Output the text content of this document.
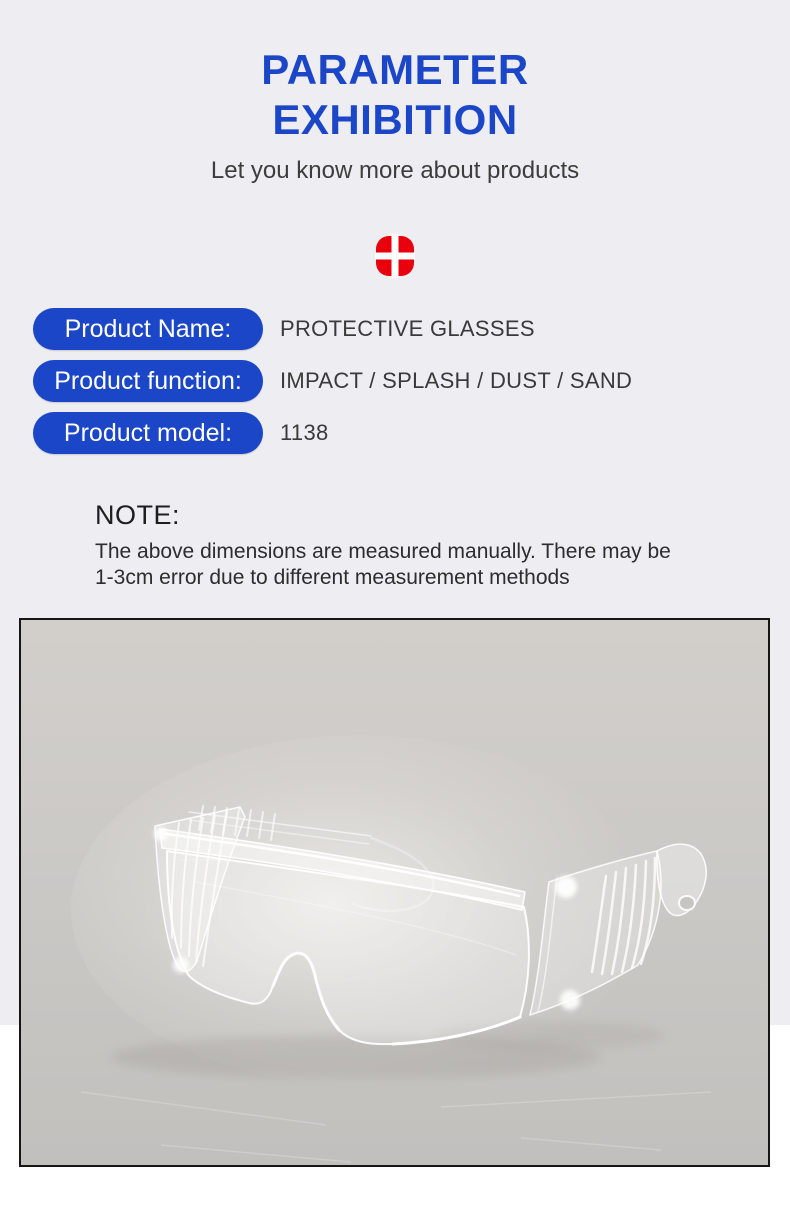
PARAMETER
EXHIBITION
Let you know more about products
Product Name:	PROTECTIVE GLASSES
Product function:	IMPACT / SPLASH / DUST / SAND
Product model:	1138
NOTE:
The above dimensions are measured manually. There may be
1-3cm error due to different measurement methods
